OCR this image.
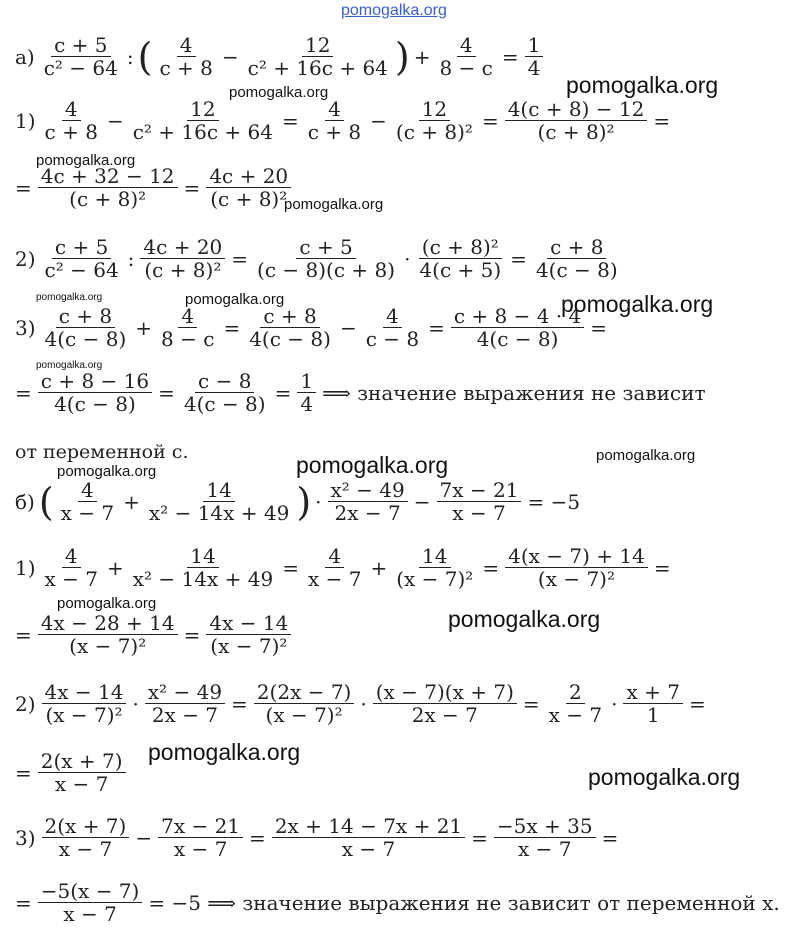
pomogalka.org
pomogalka.org
pomogalka.org
pomogalka.org
pomogalka.org
pomogalka.org	pomogalka.org	pomogalka.org
pomogalka.org
pomogalka.org	pomogalka.org
pomogalka.org
pomogalka.org
pomogalka.org
pomogalka.org
pomogalka.org
$а) \frac{c + 5}{\text{c² − 64}}$ : ( $\frac{4}{c + 8} - \frac{12}{\text{c² + 16c + 64}}$ ) + $\frac{4}{8 - c} = \frac{1}{4}$
$1) \frac{4}{c + 8} - \frac{12}{\text{c² + 16c + 64}} = \frac{4}{c + 8} - \frac{12}{\text{(c + 8)²}} = \frac{4(c + 8) - 12}{\text{(c + 8)²}}$ =
= $\frac{4c + 32 - 12}{\text{(c + 8)²}} = \frac{4c + 20}{\text{(c + 8)²}}$
$2) \frac{c + 5}{\text{c² − 64}}$ : $\frac{4c + 20}{\text{(c + 8)²}} = \frac{c + 5}{(c - 8)(c + 8)} \cdot \frac{\text{(c + 8)²}}{4(c + 5)} = \frac{c + 8}{4(c - 8)}$
$3) \frac{c + 8}{4(c - 8)} + \frac{4}{8 - c} = \frac{c + 8}{4(c - 8)} - \frac{4}{c - 8} = \frac{c + 8 - 4 \cdot 4}{4(c - 8)}$ =
= $\frac{c + 8 - 16}{4(c - 8)} = \frac{c - 8}{4(c - 8)} = \frac{1}{4}$ ⟹ значение выражения не зависит
от переменной c.
б) ( $\frac{4}{x - 7} + \frac{14}{\text{x² − 14x + 49}}$ ) · $\frac{\text{x² − 49}}{2x - 7} - \frac{7x - 21}{x - 7} = -5$
$1) \frac{4}{x - 7} + \frac{14}{\text{x² − 14x + 49}} = \frac{4}{x - 7} + \frac{14}{\text{(x − 7)²}} = \frac{4(x - 7) + 14}{\text{(x − 7)²}}$ =
= $\frac{4x - 28 + 14}{\text{(x − 7)²}} = \frac{4x - 14}{\text{(x − 7)²}}$
$2) \frac{4x - 14}{\text{(x − 7)²}} \cdot \frac{\text{x² − 49}}{2x - 7} = \frac{2(2x - 7)}{\text{(x − 7)²}} \cdot \frac{(x - 7)(x + 7)}{2x - 7} = \frac{2}{x - 7} \cdot \frac{x + 7}{1}$ =
= $\frac{2(x + 7)}{x - 7}$
$3) \frac{2(x + 7)}{x - 7} - \frac{7x - 21}{x - 7} = \frac{2x + 14 - 7x + 21}{x - 7} = \frac{-5x + 35}{x - 7}$ =
= $\frac{-5(x - 7)}{x - 7} = -5$ ⟹ значение выражения не зависит от переменной x.
